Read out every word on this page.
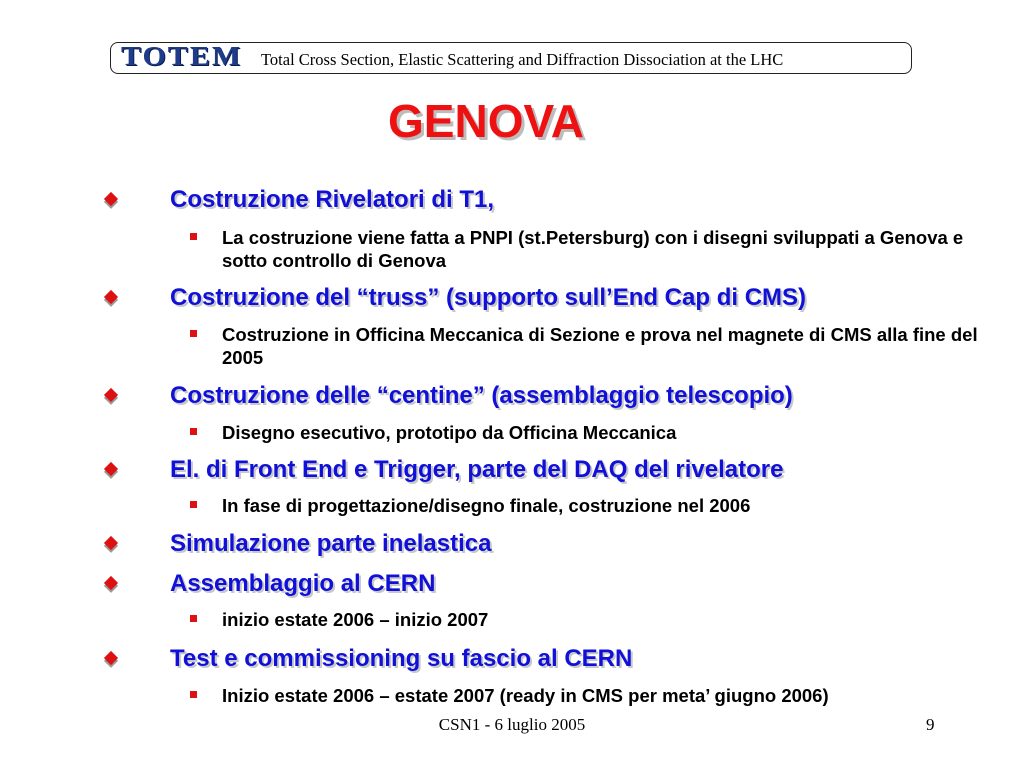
TOTEM Total Cross Section, Elastic Scattering and Diffraction Dissociation at the LHC
GENOVA
Costruzione Rivelatori di T1,
La costruzione viene fatta a PNPI (st.Petersburg) con i disegni sviluppati a Genova e sotto controllo di Genova
Costruzione del “truss” (supporto sull’End Cap di CMS)
Costruzione in Officina Meccanica di Sezione e prova nel magnete di CMS alla fine del 2005
Costruzione delle “centine” (assemblaggio telescopio)
Disegno esecutivo, prototipo da Officina Meccanica
El. di Front End e Trigger, parte del DAQ del rivelatore
In fase di progettazione/disegno finale, costruzione nel 2006
Simulazione parte inelastica
Assemblaggio al CERN
inizio estate 2006 – inizio 2007
Test e commissioning su fascio al CERN
Inizio estate 2006 – estate 2007 (ready in CMS per meta’ giugno 2006)
CSN1 - 6 luglio 2005	9
